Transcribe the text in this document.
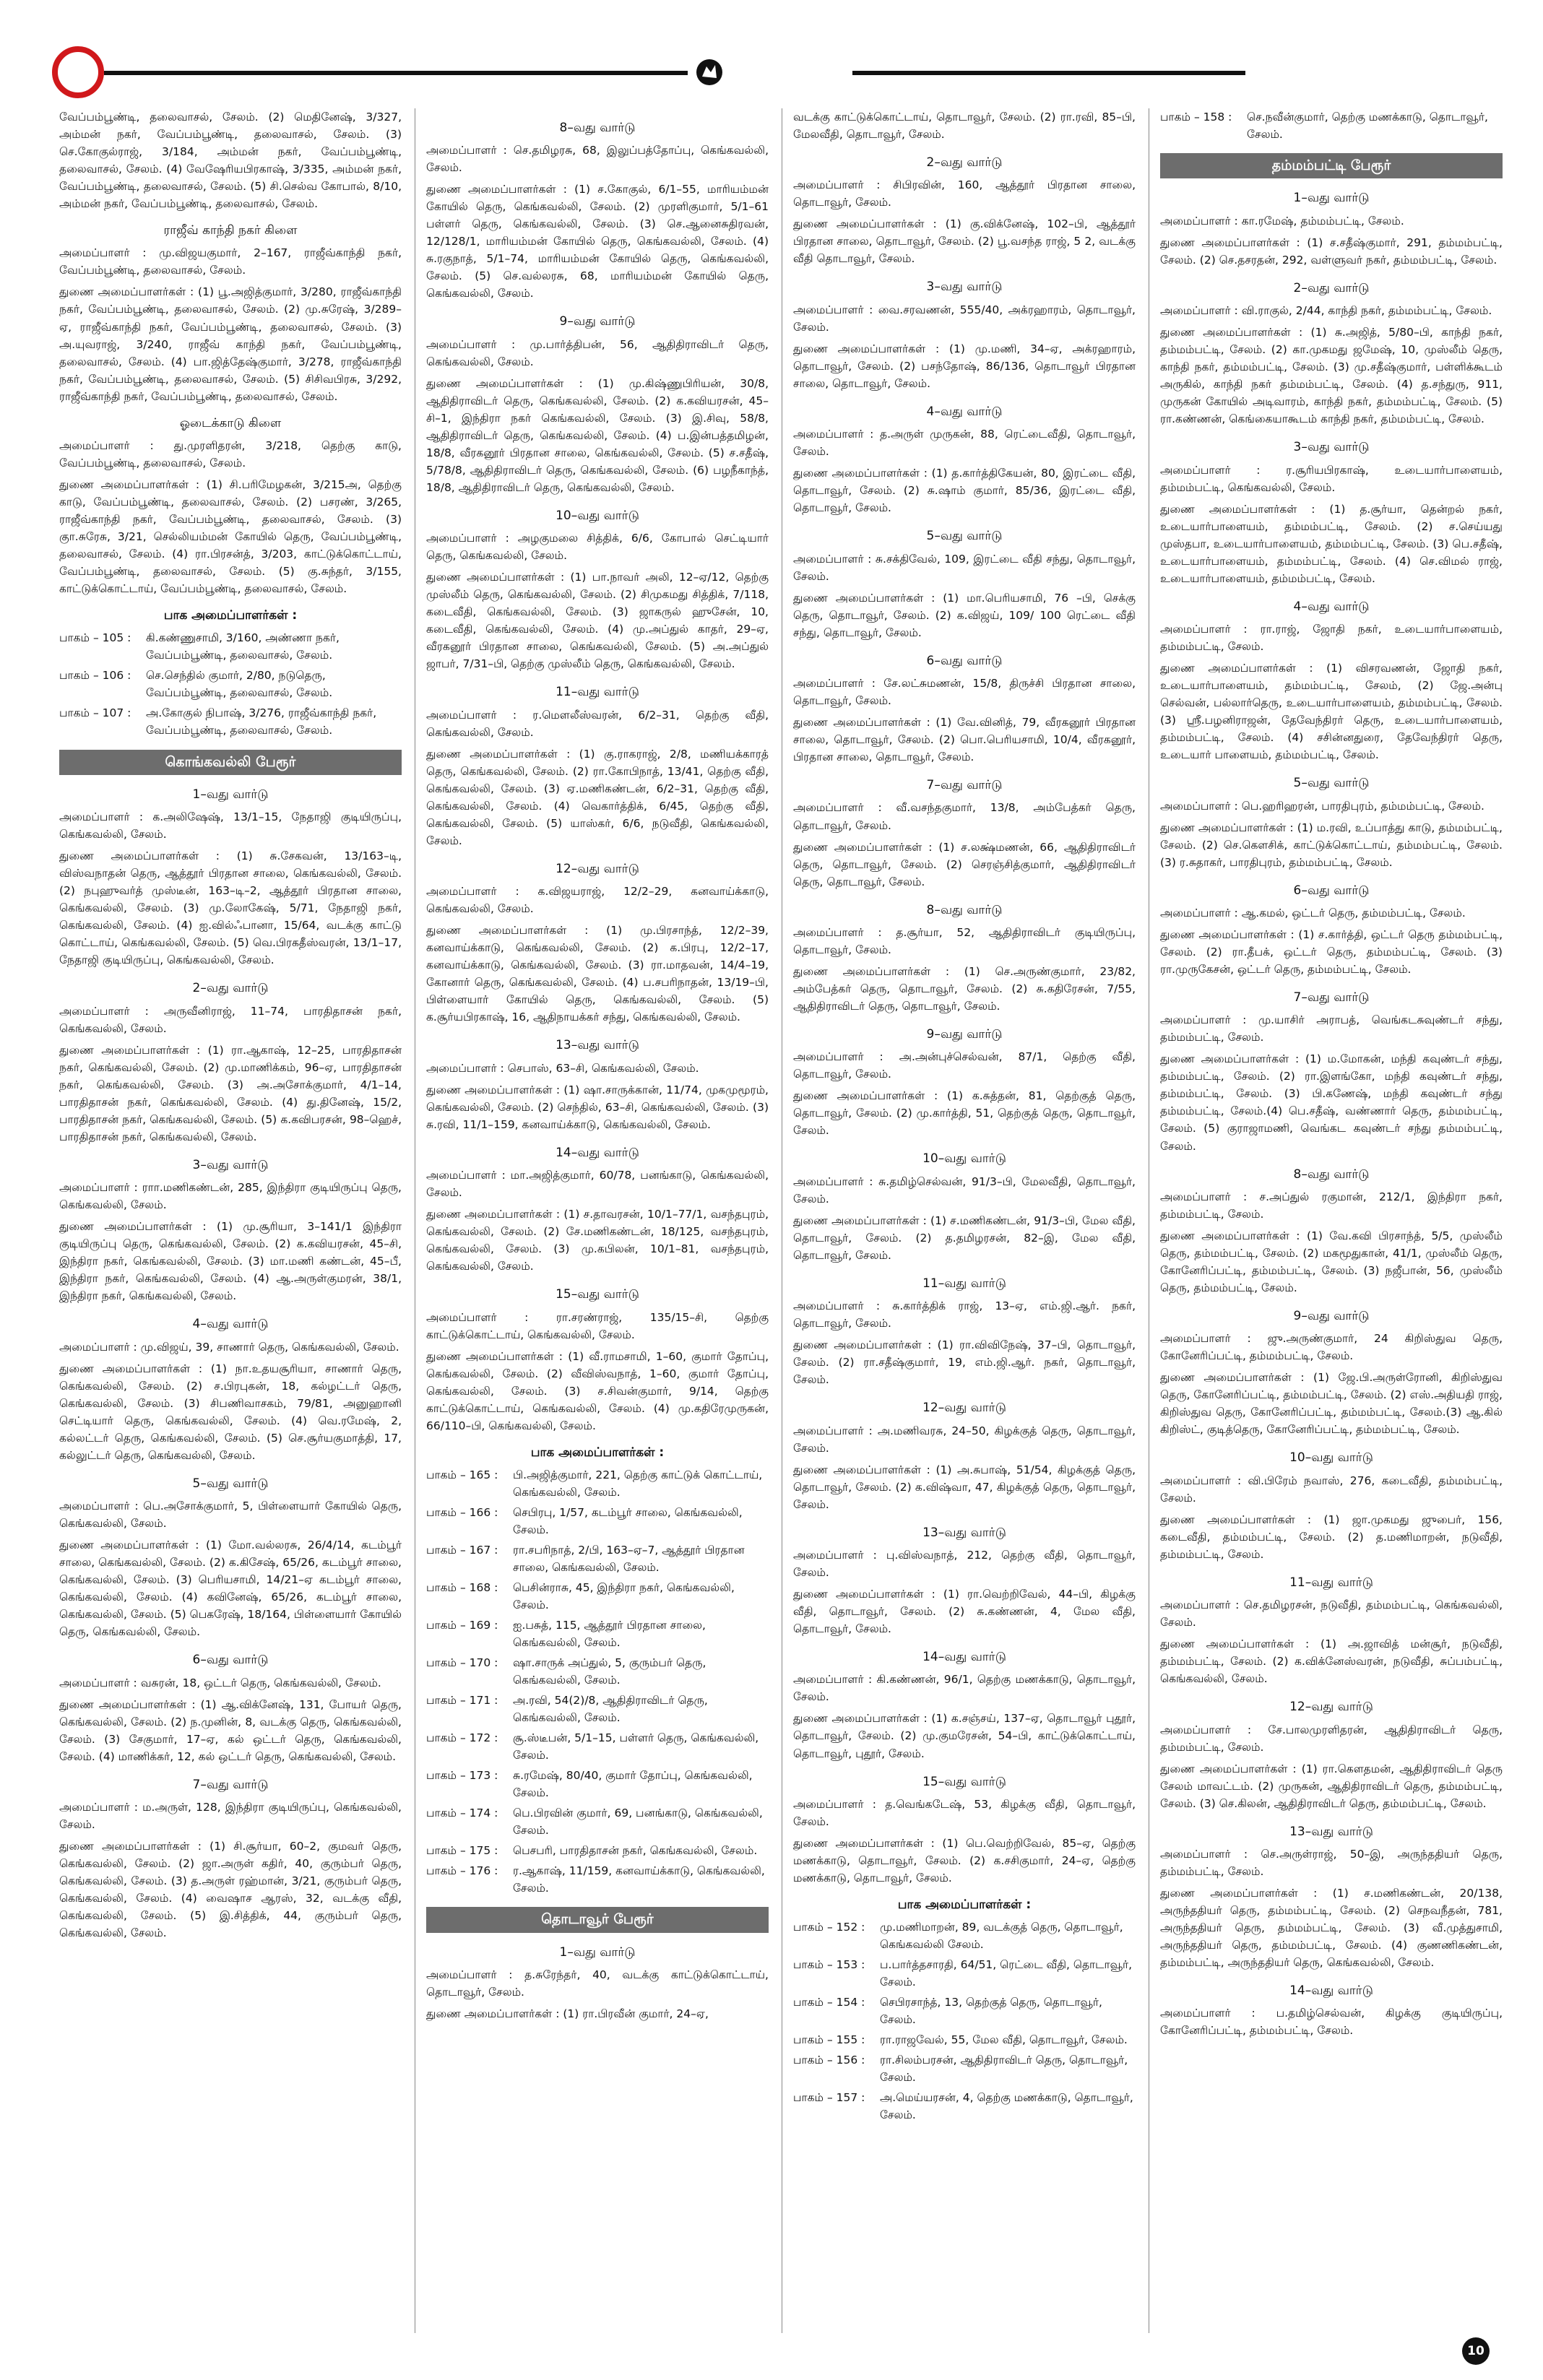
வேப்பம்பூண்டி, தலைவாசல், சேலம். (2) மெதினேஷ், 3/327, அம்மன் நகர், வேப்பம்பூண்டி, தலைவாசல், சேலம். (3) செ.கோகுல்ராஜ், 3/184, அம்மன் நகர், வேப்பம்பூண்டி, தலைவாசல், சேலம். (4) வேஷேரியபிரகாஷ், 3/335, அம்மன் நகர், வேப்பம்பூண்டி, தலைவாசல், சேலம். (5) சி.செல்வ கோபால், 8/10, அம்மன் நகர், வேப்பம்பூண்டி, தலைவாசல், சேலம்.

ராஜீவ் காந்தி நகர் கிளை

அமைப்பாளர் : மு.விஜயகுமார், 2–167, ராஜீவ்காந்தி நகர், வேப்பம்பூண்டி, தலைவாசல், சேலம்.

துணை அமைப்பாளர்கள் : (1) பூ.அஜித்குமார், 3/280, ராஜீவ்காந்தி நகர், வேப்பம்பூண்டி, தலைவாசல், சேலம். (2) மு.சுரேஷ், 3/289–ஏ, ராஜீவ்காந்தி நகர், வேப்பம்பூண்டி, தலைவாசல், சேலம். (3) அ.யுவராஜ், 3/240, ராஜீவ் காந்தி நகர், வேப்பம்பூண்டி, தலைவாசல், சேலம். (4) பா.ஜித்தேஷ்குமார், 3/278, ராஜீவ்காந்தி நகர், வேப்பம்பூண்டி, தலைவாசல், சேலம். (5) சிசிவபிரசு, 3/292, ராஜீவ்காந்தி நகர், வேப்பம்பூண்டி, தலைவாசல், சேலம்.

ஓடைக்காடு கிளை

அமைப்பாளர் : து.முரளிதரன், 3/218, தெற்கு காடு, வேப்பம்பூண்டி, தலைவாசல், சேலம்.

துணை அமைப்பாளர்கள் : (1) சி.பரிமேழகன், 3/215அ, தெற்கு காடு, வேப்பம்பூண்டி, தலைவாசல், சேலம். (2) பசரண், 3/265, ராஜீவ்காந்தி நகர், வேப்பம்பூண்டி, தலைவாசல், சேலம். (3) குா.சுரேசு, 3/21, செல்லியம்மன் கோயில் தெரு, வேப்பம்பூண்டி, தலைவாசல், சேலம். (4) ரா.பிரசன்த், 3/203, காட்டுக்கொட்டாய், வேப்பம்பூண்டி, தலைவாசல், சேலம். (5) கு.சுந்தர், 3/155, காட்டுக்கொட்டாய், வேப்பம்பூண்டி, தலைவாசல், சேலம்.

பாக அமைப்பாளர்கள் :
பாகம் – 105 :	கி.கண்ணுசாமி, 3/160, அண்ணா நகர், வேப்பம்பூண்டி, தலைவாசல், சேலம்.
பாகம் – 106 :	செ.செந்தில் குமார், 2/80, நடுதெரு, வேப்பம்பூண்டி, தலைவாசல், சேலம்.
பாகம் – 107 :	அ.கோகுல் நிபாஷ், 3/276, ராஜீவ்காந்தி நகர், வேப்பம்பூண்டி, தலைவாசல், சேலம்.
கொங்கவல்லி பேரூர்
1–வது வார்டு

அமைப்பாளர் : க.அலிஷேஷ், 13/1–15, நேதாஜி குடியிருப்பு, கெங்கவல்லி, சேலம்.

துணை அமைப்பாளர்கள் : (1) சு.சேகவன், 13/163–டி, விஸ்வநாதன் தெரு, ஆத்தூர் பிரதான சாலை, கெங்கவல்லி, சேலம். (2) நபுஹுவர்த் முஸ்டீன், 163–டி–2, ஆத்தூர் பிரதான சாலை, கெங்கவல்லி, சேலம். (3) மு.லோகேஷ், 5/71, நேதாஜி நகர், கெங்கவல்லி, சேலம். (4) ஐ.வில்ஃபானா, 15/64, வடக்கு காட்டு கொட்டாய், கெங்கவல்லி, சேலம். (5) வெ.பிரகதீஸ்வரன், 13/1–17, நேதாஜி குடியிருப்பு, கெங்கவல்லி, சேலம்.

2–வது வார்டு

அமைப்பாளர் : அருவீனிராஜ், 11–74, பாரதிதாசன் நகர், கெங்கவல்லி, சேலம்.

துணை அமைப்பாளர்கள் : (1) ரா.ஆகாஷ், 12–25, பாரதிதாசன் நகர், கெங்கவல்லி, சேலம். (2) மு.மாணிக்கம், 96–ஏ, பாரதிதாசன் நகர், கெங்கவல்லி, சேலம். (3) அ.அசோக்குமார், 4/1–14, பாரதிதாசன் நகர், கெங்கவல்லி, சேலம். (4) து.தினேஷ், 15/2, பாரதிதாசன் நகர், கெங்கவல்லி, சேலம். (5) க.கவிபரசன், 98–ஹெச், பாரதிதாசன் நகர், கெங்கவல்லி, சேலம்.

3–வது வார்டு

அமைப்பாளர் : ராா.மணிகண்டன், 285, இந்திரா குடியிருப்பு தெரு, கெங்கவல்லி, சேலம்.

துணை அமைப்பாளர்கள் : (1) மு.சூரியா, 3–141/1 இந்திரா குடியிருப்பு தெரு, கெங்கவல்லி, சேலம். (2) க.கவியரசன், 45–சி, இந்திரா நகர், கெங்கவல்லி, சேலம். (3) மா.மணி கண்டன், 45–பீ, இந்திரா நகர், கெங்கவல்லி, சேலம். (4) ஆ.அருள்குமரன், 38/1, இந்திரா நகர், கெங்கவல்லி, சேலம்.

4–வது வார்டு

அமைப்பாளர் : மு.விஜய், 39, சாணார் தெரு, கெங்கவல்லி, சேலம்.

துணை அமைப்பாளர்கள் : (1) நா.உதயசூரியா, சாணார் தெரு, கெங்கவல்லி, சேலம். (2) ச.பிரபுகன், 18, கல்ழட்டர் தெரு, கெங்கவல்லி, சேலம். (3) சிபணிவாசகம், 79/81, அனுஹானி செட்டியார் தெரு, கெங்கவல்லி, சேலம். (4) வெ.ரமேஷ், 2, கல்லட்டர் தெரு, கெங்கவல்லி, சேலம். (5) செ.சூர்யகுமாத்தி, 17, கல்லுட்டர் தெரு, கெங்கவல்லி, சேலம்.

5–வது வார்டு

அமைப்பாளர் : பெ.அசோக்குமார், 5, பிள்ளையார் கோயில் தெரு, கெங்கவல்லி, சேலம்.

துணை அமைப்பாளர்கள் : (1) மோ.வல்லரசு, 26/4/14, கடம்பூர் சாலை, கெங்கவல்லி, சேலம். (2) க.கிசேஷ், 65/26, கடம்பூர் சாலை, கெங்கவல்லி, சேலம். (3) பெரியசாமி, 14/21–ஏ கடம்பூர் சாலை, கெங்கவல்லி, சேலம். (4) கவினேஷ், 65/26, கடம்பூர் சாலை, கெங்கவல்லி, சேலம். (5) பெகரேஷ், 18/164, பிள்ளையார் கோயில் தெரு, கெங்கவல்லி, சேலம்.

6–வது வார்டு

அமைப்பாளர் : வசுரன், 18, ஒட்டர் தெரு, கெங்கவல்லி, சேலம்.

துணை அமைப்பாளர்கள் : (1) ஆ.விக்னேஷ், 131, போயர் தெரு, கெங்கவல்லி, சேலம். (2) ந.முனின், 8, வடக்கு தெரு, கெங்கவல்லி, சேலம். (3) சேகுமார், 17–ஏ, கல் ஒட்டர் தெரு, கெங்கவல்லி, சேலம். (4) மாணிக்கர், 12, கல் ஒட்டர் தெரு, கெங்கவல்லி, சேலம்.

7–வது வார்டு

அமைப்பாளர் : ம.அருள், 128, இந்திரா குடியிருப்பு, கெங்கவல்லி, சேலம்.

துணை அமைப்பாளர்கள் : (1) சி.சூர்யா, 60–2, குமவர் தெரு, கெங்கவல்லி, சேலம். (2) ஜா.அருள் கதிர், 40, குரும்பர் தெரு, கெங்கவல்லி, சேலம். (3) த.அருள் ரஹ்மான், 3/21, குரும்பர் தெரு, கெங்கவல்லி, சேலம். (4) வைஷாச ஆரஸ், 32, வடக்கு வீதி, கெங்கவல்லி, சேலம். (5) இ.சித்திக், 44, குரும்பர் தெரு, கெங்கவல்லி, சேலம்.

8–வது வார்டு

அமைப்பாளர் : செ.தமிழரசு, 68, இலுப்பத்தோப்பு, கெங்கவல்லி, சேலம்.

துணை அமைப்பாளர்கள் : (1) ச.கோகுல், 6/1–55, மாரியம்மன் கோயில் தெரு, கெங்கவல்லி, சேலம். (2) முரளிகுமார், 5/1–61 பள்ளர் தெரு, கெங்கவல்லி, சேலம். (3) செ.ஆனைசுதிரவன், 12/128/1, மாரியம்மன் கோயில் தெரு, கெங்கவல்லி, சேலம். (4) சு.ரகுநாத், 5/1–74, மாரியம்மன் கோயில் தெரு, கெங்கவல்லி, சேலம். (5) செ.வல்லரசு, 68, மாரியம்மன் கோயில் தெரு, கெங்கவல்லி, சேலம்.

9–வது வார்டு

அமைப்பாளர் : மு.பார்த்திபன், 56, ஆதிதிராவிடர் தெரு, கெங்கவல்லி, சேலம்.

துணை அமைப்பாளர்கள் : (1) மு.கிஷ்ணுபிரியன், 30/8, ஆதிதிராவிடர் தெரு, கெங்கவல்லி, சேலம். (2) க.கவியரசன், 45–சி–1, இந்திரா நகர் கெங்கவல்லி, சேலம். (3) இ.சிவு, 58/8, ஆதிதிராவிடர் தெரு, கெங்கவல்லி, சேலம். (4) ப.இன்பத்தமிழன், 18/8, வீரகனூர் பிரதான சாலை, கெங்கவல்லி, சேலம். (5) ச.சதீஷ், 5/78/8, ஆதிதிராவிடர் தெரு, கெங்கவல்லி, சேலம். (6) பழநீகாந்த், 18/8, ஆதிதிராவிடர் தெரு, கெங்கவல்லி, சேலம்.

10–வது வார்டு

அமைப்பாளர் : அழகுமலை சித்திக், 6/6, கோபால் செட்டியார் தெரு, கெங்கவல்லி, சேலம்.

துணை அமைப்பாளர்கள் : (1) பா.நாவர் அலி, 12–ஏ/12, தெற்கு முஸ்லீம் தெரு, கெங்கவல்லி, சேலம். (2) சிமுகமது சித்திக், 7/118, கடைவீதி, கெங்கவல்லி, சேலம். (3) ஜாகருல் ஹுசேன், 10, கடைவீதி, கெங்கவல்லி, சேலம். (4) மு.அப்துல் காதர், 29–ஏ, வீரகனூர் பிரதான சாலை, கெங்கவல்லி, சேலம். (5) அ.அப்துல் ஜாபர், 7/31–பி, தெற்கு முஸ்லீம் தெரு, கெங்கவல்லி, சேலம்.

11–வது வார்டு

அமைப்பாளர் : ர.மௌலீஸ்வரன், 6/2–31, தெற்கு வீதி, கெங்கவல்லி, சேலம்.

துணை அமைப்பாளர்கள் : (1) கு.ராகராஜ், 2/8, மணியக்காரத் தெரு, கெங்கவல்லி, சேலம். (2) ரா.கோபிநாத், 13/41, தெற்கு வீதி, கெங்கவல்லி, சேலம். (3) ஏ.மணிகண்டன், 6/2–31, தெற்கு வீதி, கெங்கவல்லி, சேலம். (4) வெகார்த்திக், 6/45, தெற்கு வீதி, கெங்கவல்லி, சேலம். (5) யாஸ்கர், 6/6, நடுவீதி, கெங்கவல்லி, சேலம்.

12–வது வார்டு

அமைப்பாளர் : க.விஜயராஜ், 12/2–29, கனவாய்க்காடு, கெங்கவல்லி, சேலம்.

துணை அமைப்பாளர்கள் : (1) மு.பிரசாந்த், 12/2–39, கனவாய்க்காடு, கெங்கவல்லி, சேலம். (2) க.பிரபு, 12/2–17, கனவாய்க்காடு, கெங்கவல்லி, சேலம். (3) ரா.மாதவன், 14/4–19, கோனார் தெரு, கெங்கவல்லி, சேலம். (4) ப.சபரிநாதன், 13/19–பி, பிள்ளையார் கோயில் தெரு, கெங்கவல்லி, சேலம். (5) க.சூர்யபிரகாஷ், 16, ஆதிநாயக்கர் சந்து, கெங்கவல்லி, சேலம்.

13–வது வார்டு

அமைப்பாளர் : செபாஸ், 63–சி, கெங்கவல்லி, சேலம்.

துணை அமைப்பாளர்கள் : (1) ஷா.சாருக்கான், 11/74, முகமுமூரம், கெங்கவல்லி, சேலம். (2) செந்தில், 63–சி, கெங்கவல்லி, சேலம். (3) சு.ரவி, 11/1–159, கனவாய்க்காடு, கெங்கவல்லி, சேலம்.

14–வது வார்டு

அமைப்பாளர் : மா.அஜித்குமார், 60/78, பனங்காடு, கெங்கவல்லி, சேலம்.

துணை அமைப்பாளர்கள் : (1) ச.தாவரசன், 10/1–77/1, வசந்தபுரம், கெங்கவல்லி, சேலம். (2) சே.மணிகண்டன், 18/125, வசந்தபுரம், கெங்கவல்லி, சேலம். (3) மு.கபிலன், 10/1–81, வசந்தபுரம், கெங்கவல்லி, சேலம்.

15–வது வார்டு

அமைப்பாளர் : ரா.சரண்ராஜ், 135/15–சி, தெற்கு காட்டுக்கொட்டாய், கெங்கவல்லி, சேலம்.

துணை அமைப்பாளர்கள் : (1) வீ.ராமசாமி, 1–60, குமார் தோப்பு, கெங்கவல்லி, சேலம். (2) வீவிஸ்வநாத், 1–60, குமார் தோப்பு, கெங்கவல்லி, சேலம். (3) ச.சிவன்குமார், 9/14, தெற்கு காட்டுக்கொட்டாய், கெங்கவல்லி, சேலம். (4) மு.கதிரேமுருகன், 66/110–பி, கெங்கவல்லி, சேலம்.

பாக அமைப்பாளர்கள் :
பாகம் – 165 :	பி.அஜித்குமார், 221, தெற்கு காட்டுக் கொட்டாய், கெங்கவல்லி, சேலம்.
பாகம் – 166 :	செபிரபு, 1/57, கடம்பூர் சாலை, கெங்கவல்லி, சேலம்.
பாகம் – 167 :	ரா.சபரிநாத், 2/பி, 163–ஏ–7, ஆத்தூர் பிரதான சாலை, கெங்கவல்லி, சேலம்.
பாகம் – 168 :	பெசின்ராசு, 45, இந்திரா நகர், கெங்கவல்லி, சேலம்.
பாகம் – 169 :	ஐ.பசுத், 115, ஆத்தூர் பிரதான சாலை, கெங்கவல்லி, சேலம்.
பாகம் – 170 :	ஷா.சாருக் அப்துல், 5, குரும்பர் தெரு, கெங்கவல்லி, சேலம்.
பாகம் – 171 :	அ.ரவி, 54(2)/8, ஆதிதிராவிடர் தெரு, கெங்கவல்லி, சேலம்.
பாகம் – 172 :	சூ.ஸ்டீபன், 5/1–15, பள்ளர் தெரு, கெங்கவல்லி, சேலம்.
பாகம் – 173 :	சு.ரமேஷ், 80/40, குமார் தோப்பு, கெங்கவல்லி, சேலம்.
பாகம் – 174 :	பெ.பிரவின் குமார், 69, பனங்காடு, கெங்கவல்லி, சேலம்.
பாகம் – 175 :	பெசபரி, பாரதிதாசன் நகர், கெங்கவல்லி, சேலம்.
பாகம் – 176 :	ர.ஆகாஷ், 11/159, கனவாய்க்காடு, கெங்கவல்லி, சேலம்.
தொடாவூர் பேரூர்
1–வது வார்டு

அமைப்பாளர் : த.சுரேந்தர், 40, வடக்கு காட்டுக்கொட்டாய், தொடாவூர், சேலம்.

துணை அமைப்பாளர்கள் : (1) ரா.பிரவீன் குமார், 24–ஏ,

வடக்கு காட்டுக்கொட்டாய், தொடாவூர், சேலம். (2) ரா.ரவி, 85–பி, மேலவீதி, தொடாவூர், சேலம்.

2–வது வார்டு

அமைப்பாளர் : சிபிரவின், 160, ஆத்தூர் பிரதான சாலை, தொடாவூர், சேலம்.

துணை அமைப்பாளர்கள் : (1) கு.விக்னேஷ், 102–பி, ஆத்தூர் பிரதான சாலை, தொடாவூர், சேலம். (2) பூ.வசந்த ராஜ், 5 2, வடக்கு வீதி தொடாவூர், சேலம்.

3–வது வார்டு

அமைப்பாளர் : வை.சரவணன், 555/40, அக்ரஹாரம், தொடாவூர், சேலம்.

துணை அமைப்பாளர்கள் : (1) மு.மணி, 34–ஏ, அக்ரஹாரம், தொடாவூர், சேலம். (2) பசந்தோஷ், 86/136, தொடாவூர் பிரதான சாலை, தொடாவூர், சேலம்.

4–வது வார்டு

அமைப்பாளர் : த.அருள் முருகன், 88, ரெட்டைவீதி, தொடாவூர், சேலம்.

துணை அமைப்பாளர்கள் : (1) த.கார்த்திகேயன், 80, இரட்டை வீதி, தொடாவூர், சேலம். (2) சு.ஷாம் குமார், 85/36, இரட்டை வீதி, தொடாவூர், சேலம்.

5–வது வார்டு

அமைப்பாளர் : சு.சக்திவேல், 109, இரட்டை வீதி சந்து, தொடாவூர், சேலம்.

துணை அமைப்பாளர்கள் : (1) மா.பெரியசாமி, 76 –பி, செக்கு தெரு, தொடாவூர், சேலம். (2) க.விஜய், 109/ 100 ரெட்டை வீதி சந்து, தொடாவூர், சேலம்.

6–வது வார்டு

அமைப்பாளர் : சே.லட்சுமணன், 15/8, திருச்சி பிரதான சாலை, தொடாவூர், சேலம்.

துணை அமைப்பாளர்கள் : (1) வே.வினித், 79, வீரகனூர் பிரதான சாலை, தொடாவூர், சேலம். (2) பொ.பெரியசாமி, 10/4, வீரகனூர், பிரதான சாலை, தொடாவூர், சேலம்.

7–வது வார்டு

அமைப்பாளர் : வீ.வசந்தகுமார், 13/8, அம்பேத்கர் தெரு, தொடாவூர், சேலம்.

துணை அமைப்பாளர்கள் : (1) ச.லக்ஷ்மணன், 66, ஆதிதிராவிடர் தெரு, தொடாவூர், சேலம். (2) செரஞ்சித்குமார், ஆதிதிராவிடர் தெரு, தொடாவூர், சேலம்.

8–வது வார்டு

அமைப்பாளர் : த.சூர்யா, 52, ஆதிதிராவிடர் குடியிருப்பு, தொடாவூர், சேலம்.

துணை அமைப்பாளர்கள் : (1) செ.அருண்குமார், 23/82, அம்பேத்கர் தெரு, தொடாவூர், சேலம். (2) சு.கதிரேசன், 7/55, ஆதிதிராவிடர் தெரு, தொடாவூர், சேலம்.

9–வது வார்டு

அமைப்பாளர் : அ.அன்புச்செல்வன், 87/1, தெற்கு வீதி, தொடாவூர், சேலம்.

துணை அமைப்பாளர்கள் : (1) க.சுத்தன், 81, தெற்குத் தெரு, தொடாவூர், சேலம். (2) மு.கார்த்தி, 51, தெற்குத் தெரு, தொடாவூர், சேலம்.

10–வது வார்டு

அமைப்பாளர் : சு.தமிழ்செல்வன், 91/3–பி, மேலவீதி, தொடாவூர், சேலம்.

துணை அமைப்பாளர்கள் : (1) ச.மணிகண்டன், 91/3–பி, மேல வீதி, தொடாவூர், சேலம். (2) த.தமிழரசன், 82–இ, மேல வீதி, தொடாவூர், சேலம்.

11–வது வார்டு

அமைப்பாளர் : சு.கார்த்திக் ராஜ், 13–ஏ, எம்.ஜி.ஆர். நகர், தொடாவூர், சேலம்.

துணை அமைப்பாளர்கள் : (1) ரா.விவிநேஷ், 37–பி, தொடாவூர், சேலம். (2) ரா.சதீஷ்குமார், 19, எம்.ஜி.ஆர். நகர், தொடாவூர், சேலம்.

12–வது வார்டு

அமைப்பாளர் : அ.மணிவரசு, 24–50, கிழக்குத் தெரு, தொடாவூர், சேலம்.

துணை அமைப்பாளர்கள் : (1) அ.சுபாஷ், 51/54, கிழக்குத் தெரு, தொடாவூர், சேலம். (2) க.விஷ்வா, 47, கிழக்குத் தெரு, தொடாவூர், சேலம்.

13–வது வார்டு

அமைப்பாளர் : பு.விஸ்வநாத், 212, தெற்கு வீதி, தொடாவூர், சேலம்.

துணை அமைப்பாளர்கள் : (1) ரா.வெற்றிவேல், 44–பி, கிழக்கு வீதி, தொடாவூர், சேலம். (2) சு.கண்ணன், 4, மேல வீதி, தொடாவூர், சேலம்.

14–வது வார்டு

அமைப்பாளர் : கி.கண்ணன், 96/1, தெற்கு மணக்காடு, தொடாவூர், சேலம்.

துணை அமைப்பாளர்கள் : (1) க.சஞ்சய், 137–ஏ, தொடாவூர் புதூர், தொடாவூர், சேலம். (2) மு.குமரேசன், 54–பி, காட்டுக்கொட்டாய், தொடாவூர், புதூர், சேலம்.

15–வது வார்டு

அமைப்பாளர் : த.வெங்கடேஷ், 53, கிழக்கு வீதி, தொடாவூர், சேலம்.

துணை அமைப்பாளர்கள் : (1) பெ.வெற்றிவேல், 85–ஏ, தெற்கு மணக்காடு, தொடாவூர், சேலம். (2) க.சசிகுமார், 24–ஏ, தெற்கு மணக்காடு, தொடாவூர், சேலம்.

பாக அமைப்பாளர்கள் :
பாகம் – 152 :	மு.மணிமாறன், 89, வடக்குத் தெரு, தொடாவூர், கெங்கவல்லி சேலம்.
பாகம் – 153 :	ப.பார்த்தசாரதி, 64/51, ரெட்டை வீதி, தொடாவூர், சேலம்.
பாகம் – 154 :	செபிரசாந்த், 13, தெற்குத் தெரு, தொடாவூர், சேலம்.
பாகம் – 155 :	ரா.ராஜவேல், 55, மேல வீதி, தொடாவூர், சேலம்.
பாகம் – 156 :	ரா.சிலம்பரசன், ஆதிதிராவிடர் தெரு, தொடாவூர், சேலம்.
பாகம் – 157 :	அ.மெய்யரசன், 4, தெற்கு மணக்காடு, தொடாவூர், சேலம்.
பாகம் – 158 :	செ.நவீன்குமார், தெற்கு மணக்காடு, தொடாவூர், சேலம்.
தம்மம்பட்டி பேரூர்
1–வது வார்டு

அமைப்பாளர் : கா.ரமேஷ், தம்மம்பட்டி, சேலம்.

துணை அமைப்பாளர்கள் : (1) ச.சதீஷ்குமார், 291, தம்மம்பட்டி, சேலம். (2) செ.தசரதன், 292, வள்ளுவர் நகர், தம்மம்பட்டி, சேலம்.

2–வது வார்டு

அமைப்பாளர் : வி.ராகுல், 2/44, காந்தி நகர், தம்மம்பட்டி, சேலம்.

துணை அமைப்பாளர்கள் : (1) சு.அஜித், 5/80–பி, காந்தி நகர், தம்மம்பட்டி, சேலம். (2) கா.முகமது ஜமேஷ், 10, முஸ்லீம் தெரு, காந்தி நகர், தம்மம்பட்டி, சேலம். (3) மு.சதீஷ்குமார், பள்ளிக்கூடம் அருகில், காந்தி நகர் தம்மம்பட்டி, சேலம். (4) த.சந்துரு, 911, முருகன் கோயில் அடிவாரம், காந்தி நகர், தம்மம்பட்டி, சேலம். (5) ரா.கண்ணன், கெங்கையாகூடம் காந்தி நகர், தம்மம்பட்டி, சேலம்.

3–வது வார்டு

அமைப்பாளர் : ர.சூரியபிரகாஷ், உடையார்பாளையம், தம்மம்பட்டி, கெங்கவல்லி, சேலம்.

துணை அமைப்பாளர்கள் : (1) த.சூர்யா, தென்றல் நகர், உடையார்பாளையம், தம்மம்பட்டி, சேலம். (2) ச.செய்யது முஸ்தபா, உடையார்பாளையம், தம்மம்பட்டி, சேலம். (3) பெ.சதீஷ், உடையார்பாளையம், தம்மம்பட்டி, சேலம். (4) செ.விமல் ராஜ், உடையார்பாளையம், தம்மம்பட்டி, சேலம்.

4–வது வார்டு

அமைப்பாளர் : ரா.ராஜ், ஜோதி நகர், உடையார்பாளையம், தம்மம்பட்டி, சேலம்.

துணை அமைப்பாளர்கள் : (1) விசரவணன், ஜோதி நகர், உடையார்பாளையம், தம்மம்பட்டி, சேலம், (2) ஜே.அன்பு செல்வன், பல்லார்தெரு, உடையார்பாளையம், தம்மம்பட்டி, சேலம். (3) ஸ்ரீ.பழனிராஜன், தேவேந்திரர் தெரு, உடையார்பாளையம், தம்மம்பட்டி, சேலம். (4) சசின்னதுரை, தேவேந்திரர் தெரு, உடையார் பாளையம், தம்மம்பட்டி, சேலம்.

5–வது வார்டு

அமைப்பாளர் : பெ.ஹரிஹரன், பாரதிபுரம், தம்மம்பட்டி, சேலம்.

துணை அமைப்பாளர்கள் : (1) ம.ரவி, உப்பாத்து காடு, தம்மம்பட்டி, சேலம். (2) செ.கௌசிக், காட்டுக்கொட்டாய், தம்மம்பட்டி, சேலம். (3) ர.சுதாகர், பாரதிபுரம், தம்மம்பட்டி, சேலம்.

6–வது வார்டு

அமைப்பாளர் : ஆ.கமல், ஒட்டர் தெரு, தம்மம்பட்டி, சேலம்.

துணை அமைப்பாளர்கள் : (1) ச.கார்த்தி, ஒட்டர் தெரு தம்மம்பட்டி, சேலம். (2) ரா.தீபக், ஒட்டர் தெரு, தம்மம்பட்டி, சேலம். (3) ரா.முருகேசன், ஒட்டர் தெரு, தம்மம்பட்டி, சேலம்.

7–வது வார்டு

அமைப்பாளர் : மு.யாசிர் அராபத், வெங்கடசுவுண்டர் சந்து, தம்மம்பட்டி, சேலம்.

துணை அமைப்பாளர்கள் : (1) ம.மோகன், மந்தி கவுண்டர் சந்து, தம்மம்பட்டி, சேலம். (2) ரா.இளங்கோ, மந்தி கவுண்டர் சந்து, தம்மம்பட்டி, சேலம். (3) பி.கணேஷ், மந்தி கவுண்டர் சந்து தம்மம்பட்டி, சேலம்.(4) பெ.சதீஷ், வண்ணார் தெரு, தம்மம்பட்டி, சேலம். (5) குராஜாமணி, வெங்கட கவுண்டர் சந்து தம்மம்பட்டி, சேலம்.

8–வது வார்டு

அமைப்பாளர் : ச.அப்துல் ரகுமான், 212/1, இந்திரா நகர், தம்மம்பட்டி, சேலம்.

துணை அமைப்பாளர்கள் : (1) வே.கவி பிரசாந்த், 5/5, முஸ்லீம் தெரு, தம்மம்பட்டி, சேலம். (2) மகமூதுகான், 41/1, முஸ்லீம் தெரு, கோனேரிப்பட்டி, தம்மம்பட்டி, சேலம். (3) நஜீபான், 56, முஸ்லீம் தெரு, தம்மம்பட்டி, சேலம்.

9–வது வார்டு

அமைப்பாளர் : ஜு.அருண்குமார், 24 கிறிஸ்துவ தெரு, கோனேரிப்பட்டி, தம்மம்பட்டி, சேலம்.

துணை அமைப்பாளர்கள் : (1) ஜே.பி.அருள்ரோனி, கிறிஸ்துவ தெரு, கோனேரிப்பட்டி, தம்மம்பட்டி, சேலம். (2) எஸ்.அதியதி ராஜ், கிறிஸ்துவ தெரு, கோனேரிப்பட்டி, தம்மம்பட்டி, சேலம்.(3) ஆ.கில் கிறிஸ்ட், குடித்தெரு, கோனேரிப்பட்டி, தம்மம்பட்டி, சேலம்.

10–வது வார்டு

அமைப்பாளர் : வி.பிரேம் நவாஸ், 276, கடைவீதி, தம்மம்பட்டி, சேலம்.

துணை அமைப்பாளர்கள் : (1) ஜா.முகமது ஜுபைர், 156, கடைவீதி, தம்மம்பட்டி, சேலம். (2) த.மணிமாறன், நடுவீதி, தம்மம்பட்டி, சேலம்.

11–வது வார்டு

அமைப்பாளர் : செ.தமிழரசன், நடுவீதி, தம்மம்பட்டி, கெங்கவல்லி, சேலம்.

துணை அமைப்பாளர்கள் : (1) அ.ஜாவித் மன்சூர், நடுவீதி, தம்மம்பட்டி, சேலம். (2) க.விக்னேஸ்வரன், நடுவீதி, சுப்பம்பட்டி, கெங்கவல்லி, சேலம்.

12–வது வார்டு

அமைப்பாளர் : சே.பாலமுரளிதரன், ஆதிதிராவிடர் தெரு, தம்மம்பட்டி, சேலம்.

துணை அமைப்பாளர்கள் : (1) ரா.கௌதமன், ஆதிதிராவிடர் தெரு சேலம் மாவட்டம். (2) முருகன், ஆதிதிராவிடர் தெரு, தம்மம்பட்டி, சேலம். (3) செ.கிலன், ஆதிதிராவிடர் தெரு, தம்மம்பட்டி, சேலம்.

13–வது வார்டு

அமைப்பாளர் : செ.அருள்ராஜ், 50–இ, அருந்ததியர் தெரு, தம்மம்பட்டி, சேலம்.

துணை அமைப்பாளர்கள் : (1) ச.மணிகண்டன், 20/138, அருந்ததியர் தெரு, தம்மம்பட்டி, சேலம். (2) செநவநீதன், 781, அருந்ததியர் தெரு, தம்மம்பட்டி, சேலம். (3) வீ.முத்துசாமி, அருந்ததியர் தெரு, தம்மம்பட்டி, சேலம். (4) குணணிகண்டன், தம்மம்பட்டி, அருந்ததியர் தெரு, கெங்கவல்லி, சேலம்.

14–வது வார்டு

அமைப்பாளர் : ப.தமிழ்செல்வன், கிழக்கு குடியிருப்பு, கோனேரிப்பட்டி, தம்மம்பட்டி, சேலம்.

10
